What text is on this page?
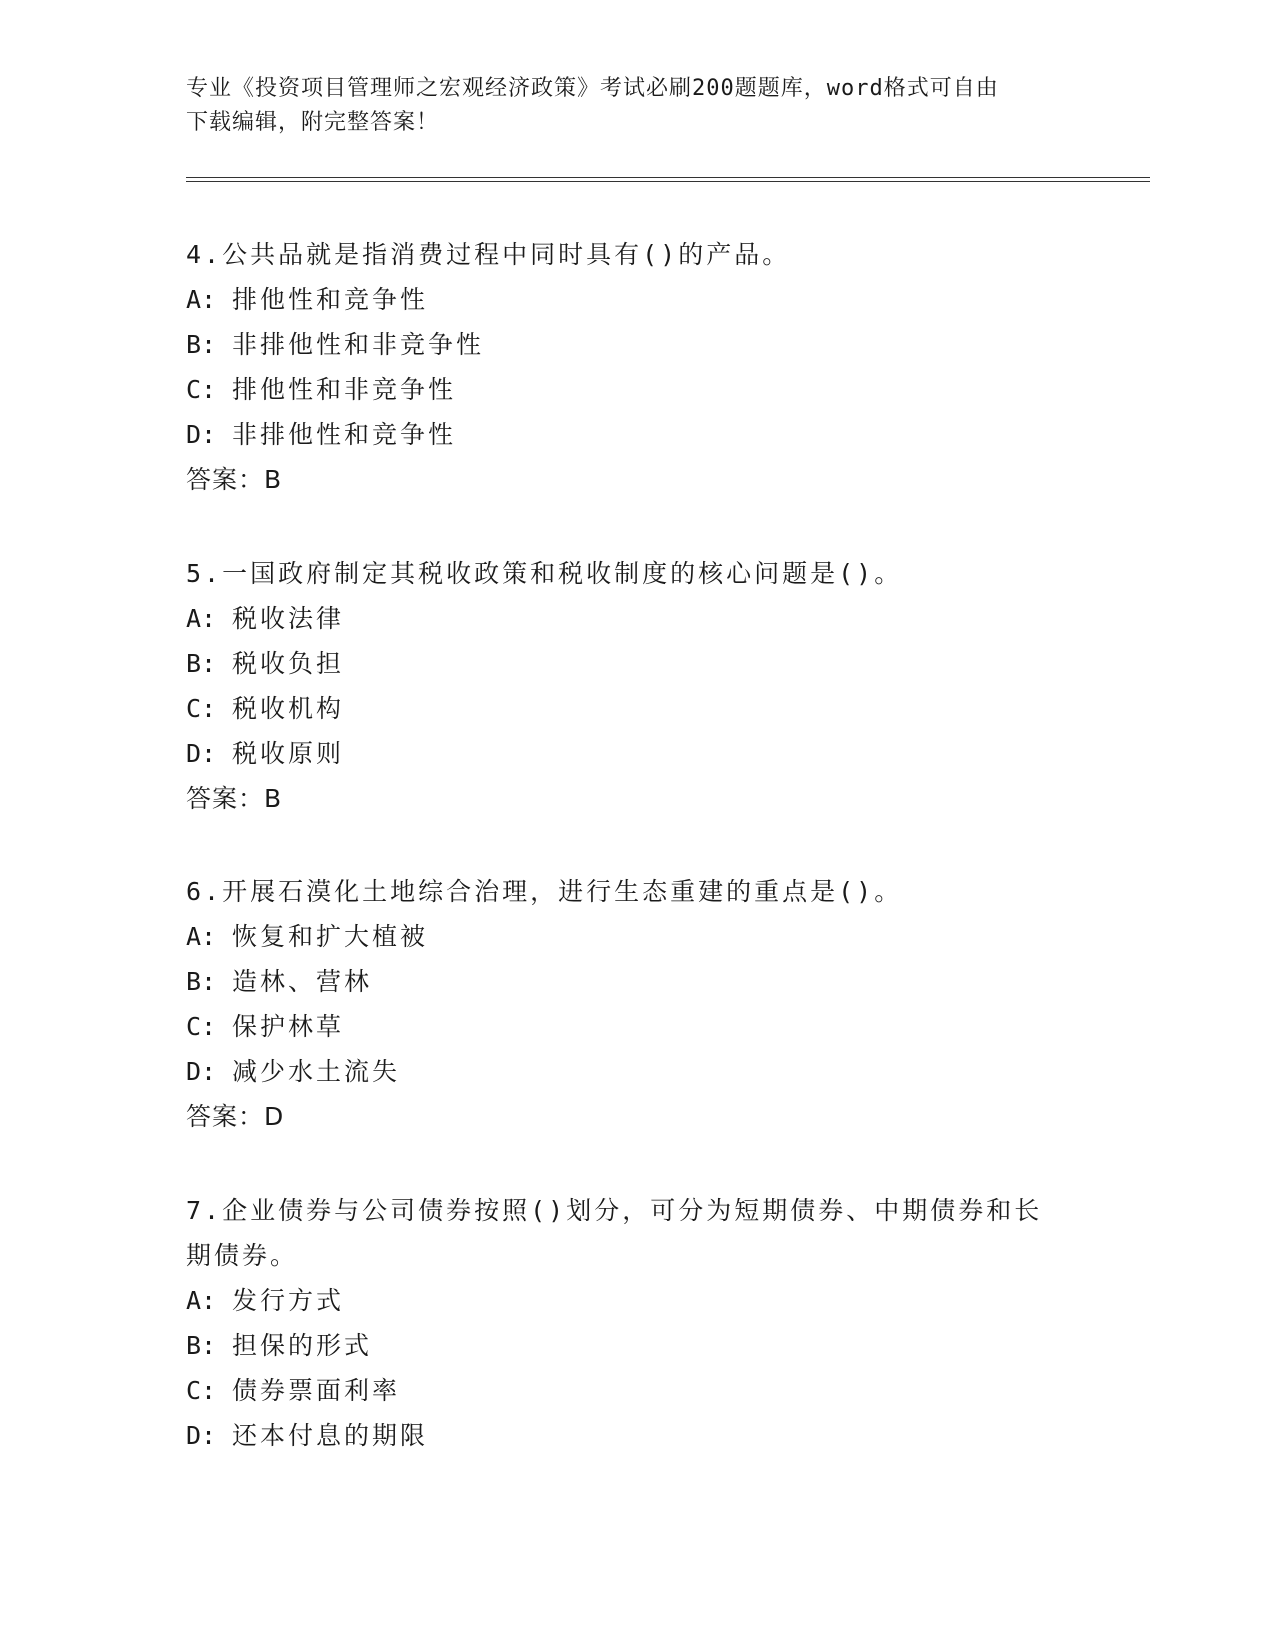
专业《投资项目管理师之宏观经济政策》考试必刷200题题库，word格式可自由
下载编辑，附完整答案！

4.公共品就是指消费过程中同时具有()的产品。

A: 排他性和竞争性

B: 非排他性和非竞争性

C: 排他性和非竞争性

D: 非排他性和竞争性

答案：B

5.一国政府制定其税收政策和税收制度的核心问题是()。

A: 税收法律

B: 税收负担

C: 税收机构

D: 税收原则

答案：B

6.开展石漠化土地综合治理，进行生态重建的重点是()。

A: 恢复和扩大植被

B: 造林、营林

C: 保护林草

D: 减少水土流失

答案：D

7.企业债券与公司债券按照()划分，可分为短期债券、中期债券和长

期债券。

A: 发行方式

B: 担保的形式

C: 债券票面利率

D: 还本付息的期限
